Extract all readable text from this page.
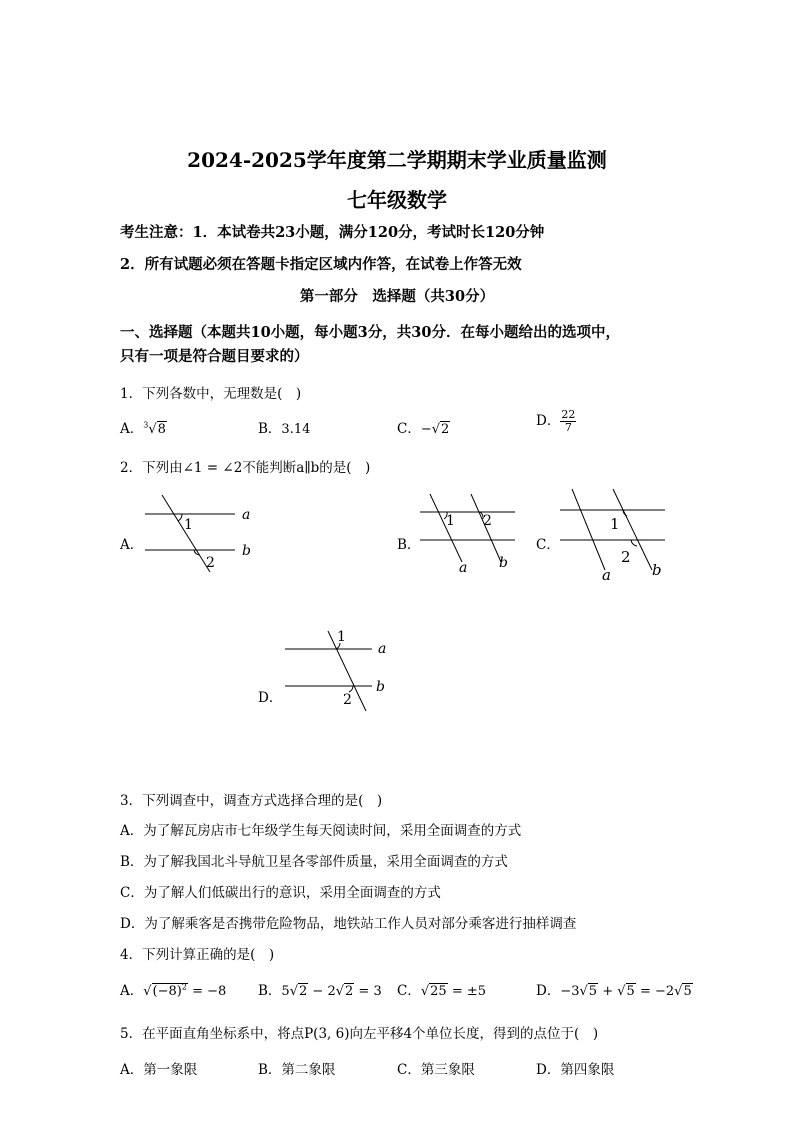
2024-2025学年度第二学期期末学业质量监测
七年级数学
考生注意：1．本试卷共23小题，满分120分，考试时长120分钟
2．所有试题必须在答题卡指定区域内作答，在试卷上作答无效
第一部分　选择题（共30分）
一、选择题（本题共10小题，每小题3分，共30分．在每小题给出的选项中，
只有一项是符合题目要求的）
1．下列各数中，无理数是(　)
A．$^3$√8	B．3.14	C．−√2
D． $\frac{22}{7}$
2．下列由∠1 = ∠2不能判断a∥b的是(　)
A．
1
2
a
b	B．
1 2
a b
C．
1
2
a	b
D．
1
2
a
b
3．下列调查中，调查方式选择合理的是(　)
A．为了解瓦房店市七年级学生每天阅读时间，采用全面调查的方式
B．为了解我国北斗导航卫星各零部件质量，采用全面调查的方式
C．为了解人们低碳出行的意识，采用全面调查的方式
D．为了解乘客是否携带危险物品，地铁站工作人员对部分乘客进行抽样调查
4．下列计算正确的是(　)
A．$√(-8)^2 = -8$ B．5√2 − 2√2 = 3 C．√25 = ±5	D．−3√5 + √5 = −2√5
5．在平面直角坐标系中，将点P(3, 6)向左平移4个单位长度，得到的点位于(　)
A．第一象限	B．第二象限	C．第三象限	D．第四象限
